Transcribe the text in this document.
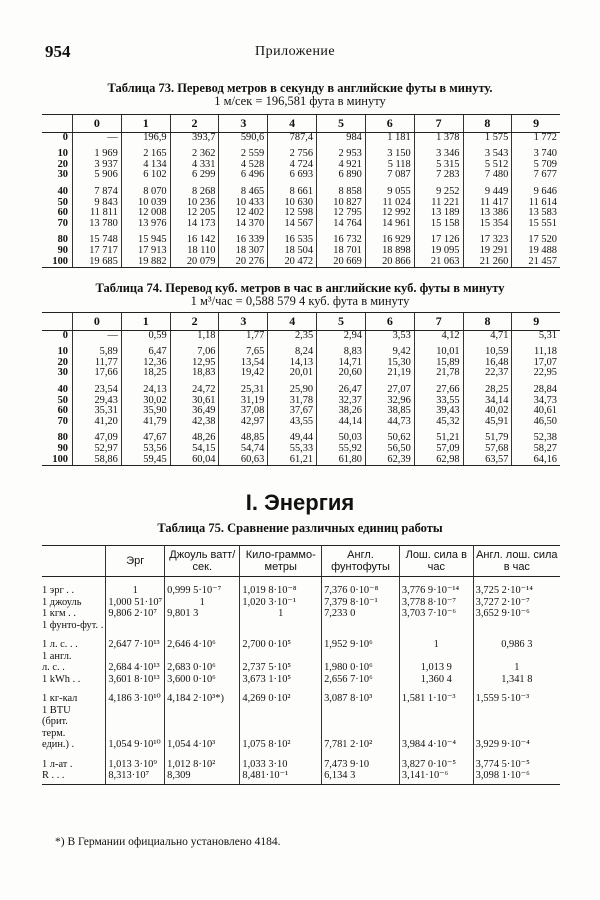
954	Приложение
Таблица 73. Перевод метров в секунду в английские футы в минуту.
1 м/сек = 196,581 фута в минуту
	0	1	2	3	4	5	6	7	8	9
0	—	196,9	393,7	590,6	787,4	984	1 181	1 378	1 575	1 772
10	1 969	2 165	2 362	2 559	2 756	2 953	3 150	3 346	3 543	3 740
20	3 937	4 134	4 331	4 528	4 724	4 921	5 118	5 315	5 512	5 709
30	5 906	6 102	6 299	6 496	6 693	6 890	7 087	7 283	7 480	7 677
40	7 874	8 070	8 268	8 465	8 661	8 858	9 055	9 252	9 449	9 646
50	9 843	10 039	10 236	10 433	10 630	10 827	11 024	11 221	11 417	11 614
60	11 811	12 008	12 205	12 402	12 598	12 795	12 992	13 189	13 386	13 583
70	13 780	13 976	14 173	14 370	14 567	14 764	14 961	15 158	15 354	15 551
80	15 748	15 945	16 142	16 339	16 535	16 732	16 929	17 126	17 323	17 520
90	17 717	17 913	18 110	18 307	18 504	18 701	18 898	19 095	19 291	19 488
100	19 685	19 882	20 079	20 276	20 472	20 669	20 866	21 063	21 260	21 457
Таблица 74. Перевод куб. метров в час в английские куб. футы в минуту
1 м³/час = 0,588 579 4 куб. фута в минуту
	0	1	2	3	4	5	6	7	8	9
0	—	0,59	1,18	1,77	2,35	2,94	3,53	4,12	4,71	5,31
10	5,89	6,47	7,06	7,65	8,24	8,83	9,42	10,01	10,59	11,18
20	11,77	12,36	12,95	13,54	14,13	14,71	15,30	15,89	16,48	17,07
30	17,66	18,25	18,83	19,42	20,01	20,60	21,19	21,78	22,37	22,95
40	23,54	24,13	24,72	25,31	25,90	26,47	27,07	27,66	28,25	28,84
50	29,43	30,02	30,61	31,19	31,78	32,37	32,96	33,55	34,14	34,73
60	35,31	35,90	36,49	37,08	37,67	38,26	38,85	39,43	40,02	40,61
70	41,20	41,79	42,38	42,97	43,55	44,14	44,73	45,32	45,91	46,50
80	47,09	47,67	48,26	48,85	49,44	50,03	50,62	51,21	51,79	52,38
90	52,97	53,56	54,15	54,74	55,33	55,92	56,50	57,09	57,68	58,27
100	58,86	59,45	60,04	60,63	61,21	61,80	62,39	62,98	63,57	64,16
I. Энергия
Таблица 75. Сравнение различных единиц работы
	Эрг	Джоуль ватт/сек.	Кило-граммо-метры	Англ. фунтофуты	Лош. сила в час	Англ. лош. сила в час
1 эрг . .	1	0,999 5·10⁻⁷	1,019 8·10⁻⁸	7,376 0·10⁻⁸	3,776 9·10⁻¹⁴	3,725 2·10⁻¹⁴
1 джоуль	1,000 51·10⁷	1	1,020 3·10⁻¹	7,379 8·10⁻¹	3,778 8·10⁻⁷	3,727 2·10⁻⁷
1 кгм . .	9,806 2·10⁷	9,801 3	1	7,233 0	3,703 7·10⁻⁶	3,652 9·10⁻⁶
1 фунто-фут. .						
1 л. с. . .	2,647 7·10¹³	2,646 4·10⁶	2,700 0·10⁵	1,952 9·10⁶	1	0,986 3
1 англ.						
л. с. .	2,684 4·10¹³	2,683 0·10⁶	2,737 5·10⁵	1,980 0·10⁶	1,013 9	1
1 kWh . .	3,601 8·10¹³	3,600 0·10⁶	3,673 1·10⁵	2,656 7·10⁶	1,360 4	1,341 8
1 кг-кал	4,186 3·10¹⁰	4,184 2·10³*)	4,269 0·10²	3,087 8·10³	1,581 1·10⁻³	1,559 5·10⁻³
1 BTU						
(брит.						
терм.						
един.) .	1,054 9·10¹⁰	1,054 4·10³	1,075 8·10²	7,781 2·10²	3,984 4·10⁻⁴	3,929 9·10⁻⁴
1 л-ат .	1,013 3·10⁹	1,012 8·10²	1,033 3·10	7,473 9·10	3,827 0·10⁻⁵	3,774 5·10⁻⁵
R . . .	8,313·10⁷	8,309	8,481·10⁻¹	6,134 3	3,141·10⁻⁶	3,098 1·10⁻⁶
*) В Германии официально установлено 4184.
